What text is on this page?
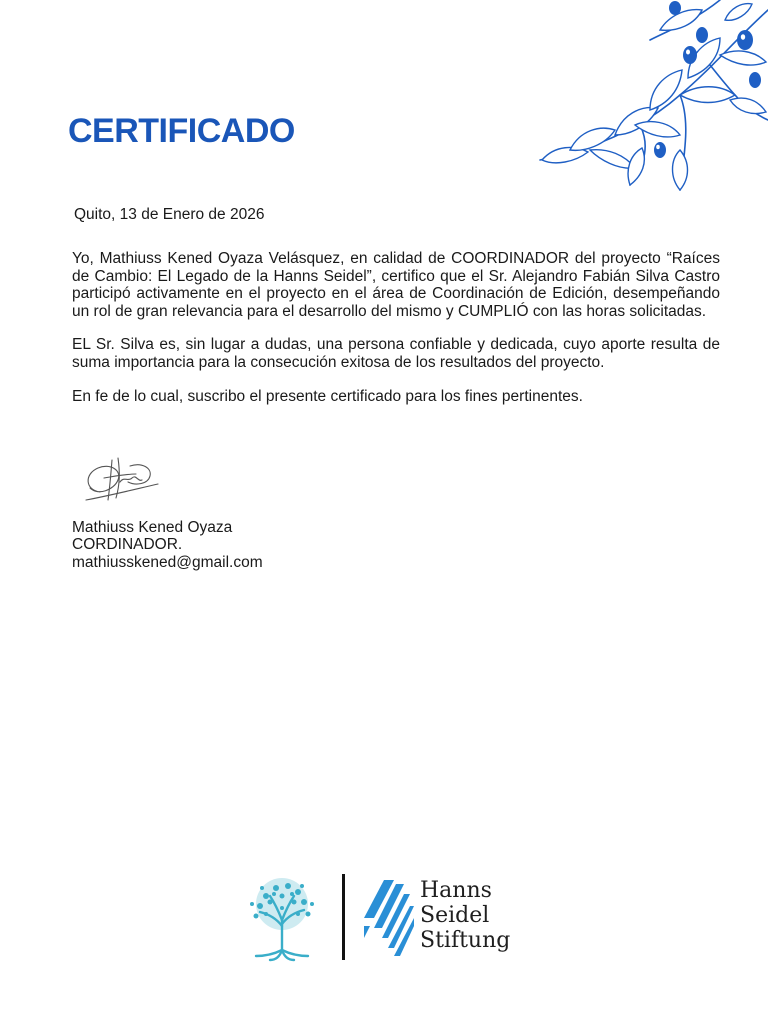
CERTIFICADO
Quito, 13 de Enero de 2026

Yo, Mathiuss Kened Oyaza Velásquez, en calidad de COORDINADOR del proyecto “Raíces de Cambio: El Legado de la Hanns Seidel”, certifico que el Sr. Alejandro Fabián Silva Castro participó activamente en el proyecto en el área de Coordinación de Edición, desempeñando un rol de gran relevancia para el desarrollo del mismo y CUMPLIÓ con las horas solicitadas.

EL Sr. Silva es, sin lugar a dudas, una persona confiable y dedicada, cuyo aporte resulta de suma importancia para la consecución exitosa de los resultados del proyecto.

En fe de lo cual, suscribo el presente certificado para los fines pertinentes.

Mathiuss Kened Oyaza
CORDINADOR.
mathiusskened@gmail.com
Hanns
Seidel
Stiftung
